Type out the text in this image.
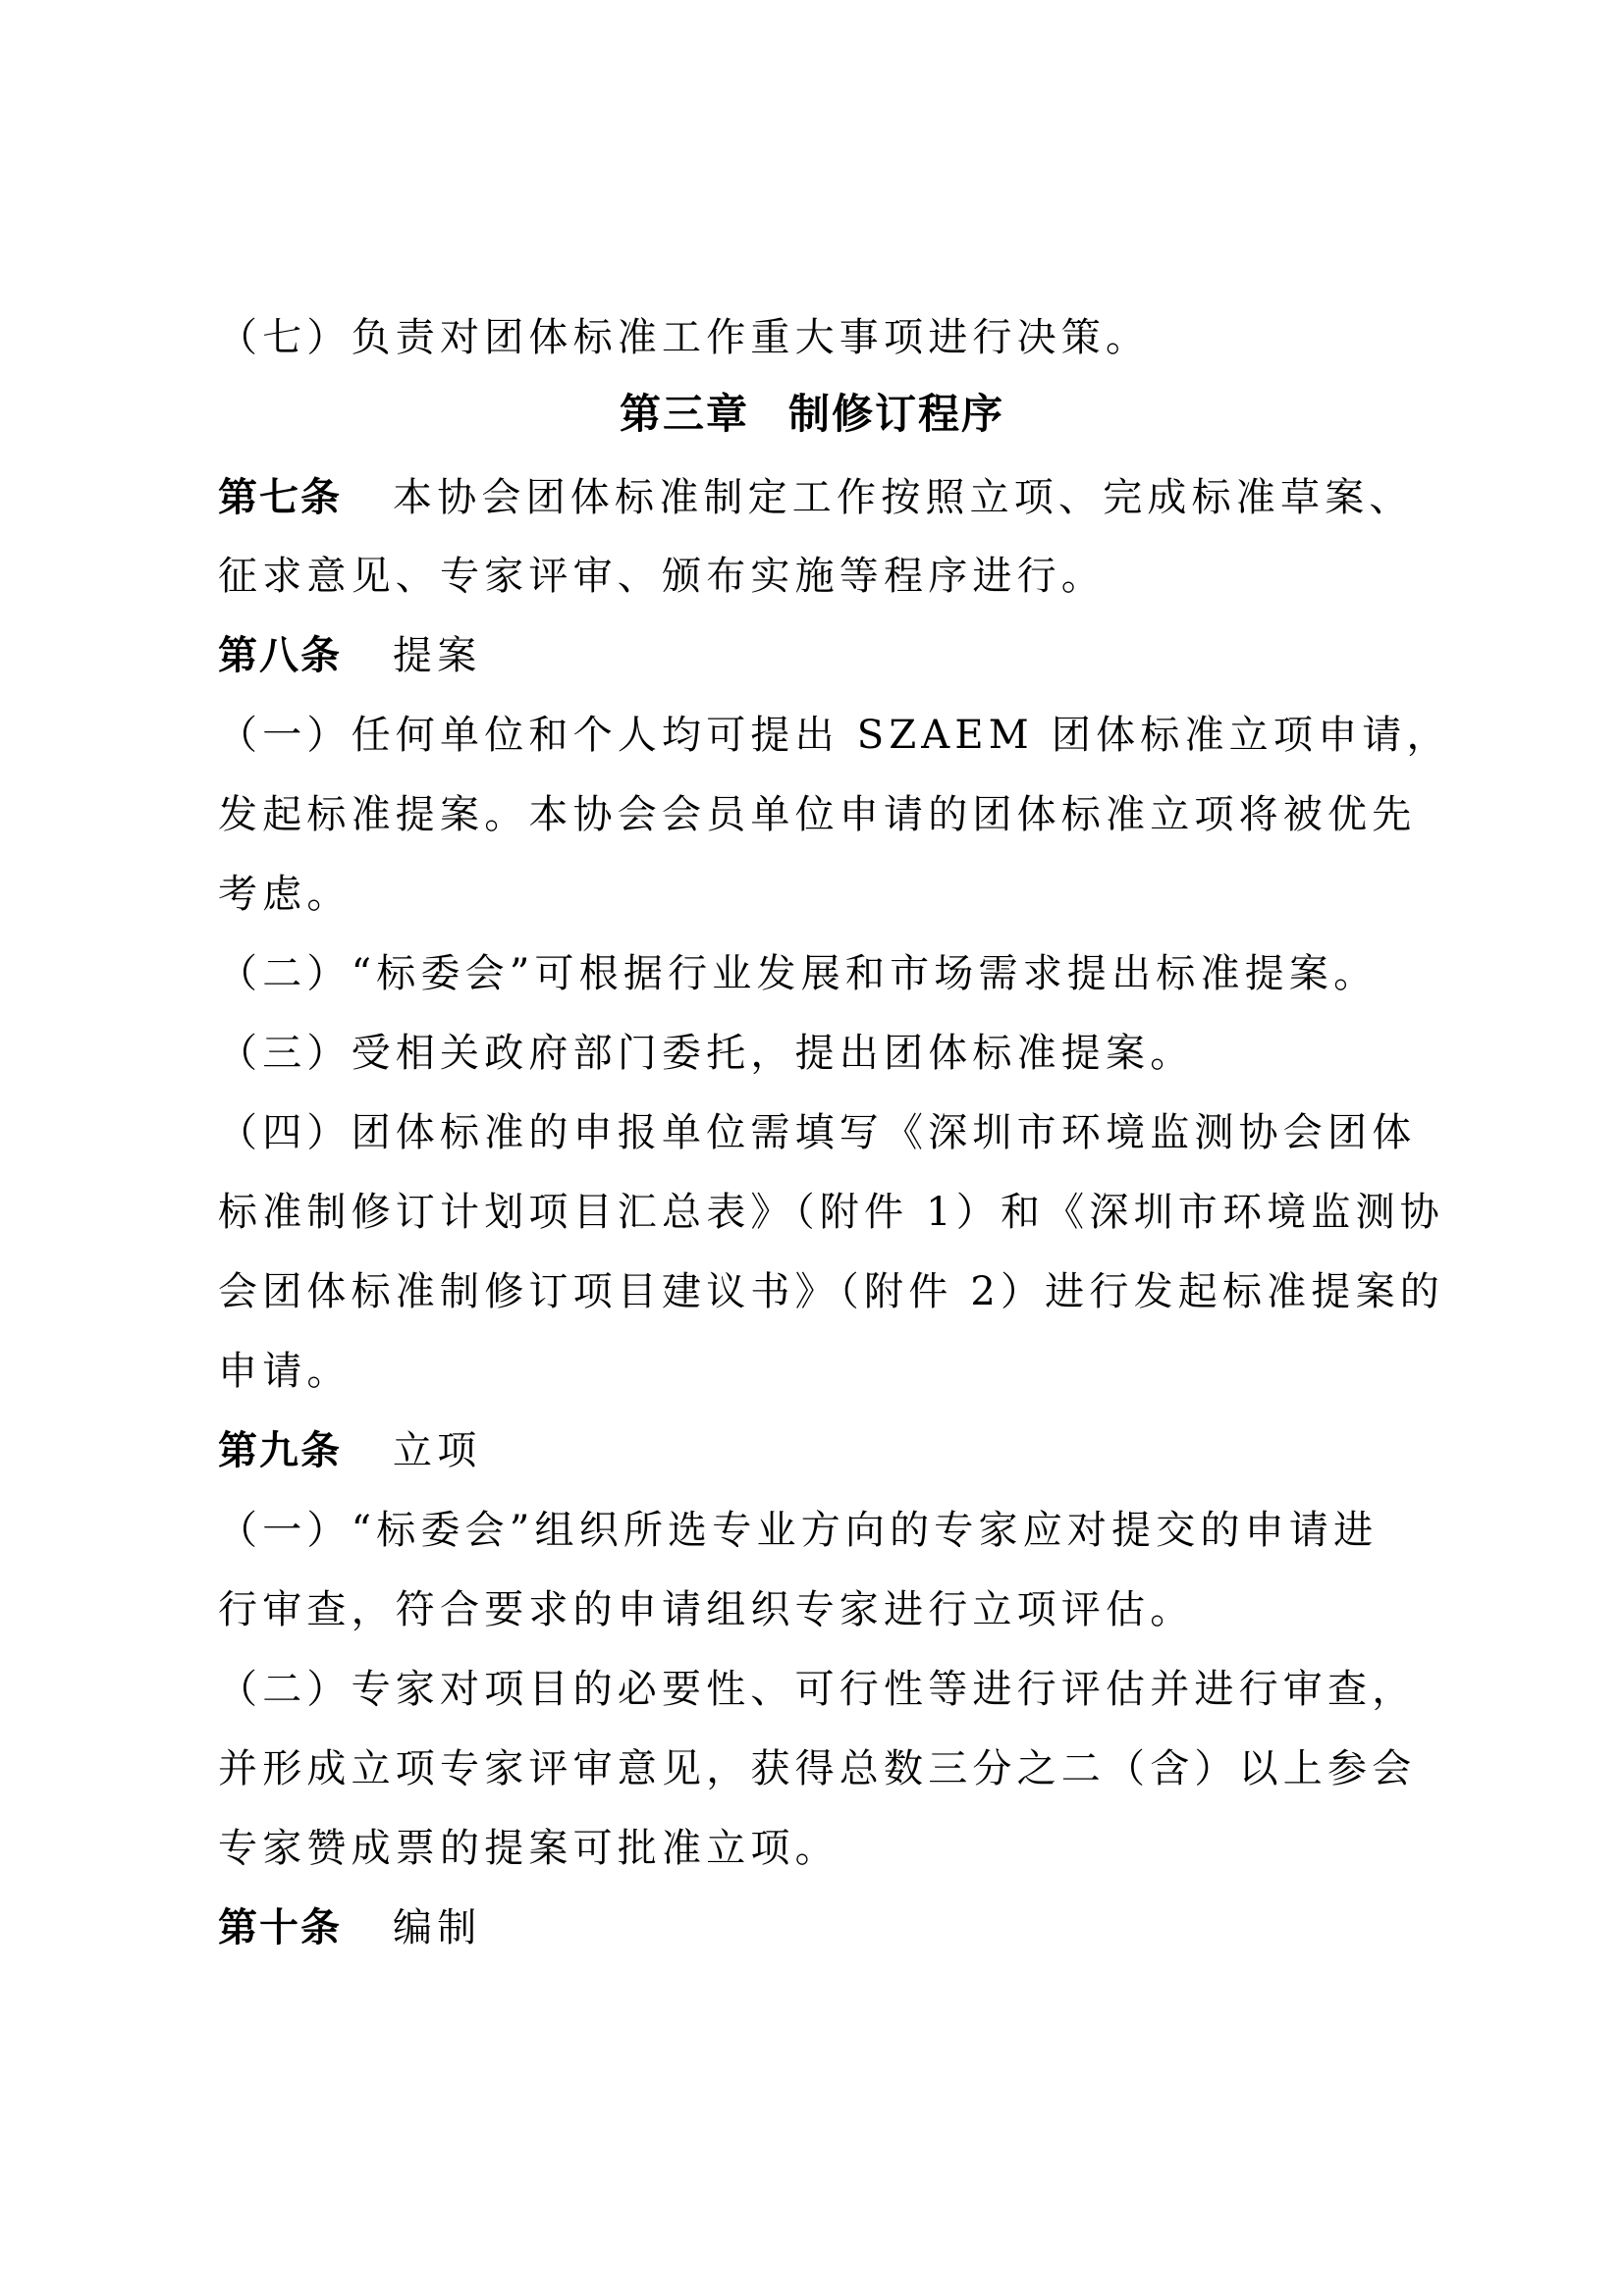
（七）负责对团体标准工作重大事项进行决策。
第三章 制修订程序
第七条 本协会团体标准制定工作按照立项、完成标准草案、
征求意见、专家评审、颁布实施等程序进行。
第八条 提案
（一）任何单位和个人均可提出 SZAEM 团体标准立项申请，
发起标准提案。本协会会员单位申请的团体标准立项将被优先
考虑。
（二）“标委会”可根据行业发展和市场需求提出标准提案。
（三）受相关政府部门委托，提出团体标准提案。
（四）团体标准的申报单位需填写《深圳市环境监测协会团体
标准制修订计划项目汇总表》（附件 1）和《深圳市环境监测协
会团体标准制修订项目建议书》（附件 2）进行发起标准提案的
申请。
第九条 立项
（一）“标委会”组织所选专业方向的专家应对提交的申请进
行审查，符合要求的申请组织专家进行立项评估。
（二）专家对项目的必要性、可行性等进行评估并进行审查，
并形成立项专家评审意见，获得总数三分之二（含）以上参会
专家赞成票的提案可批准立项。
第十条 编制
